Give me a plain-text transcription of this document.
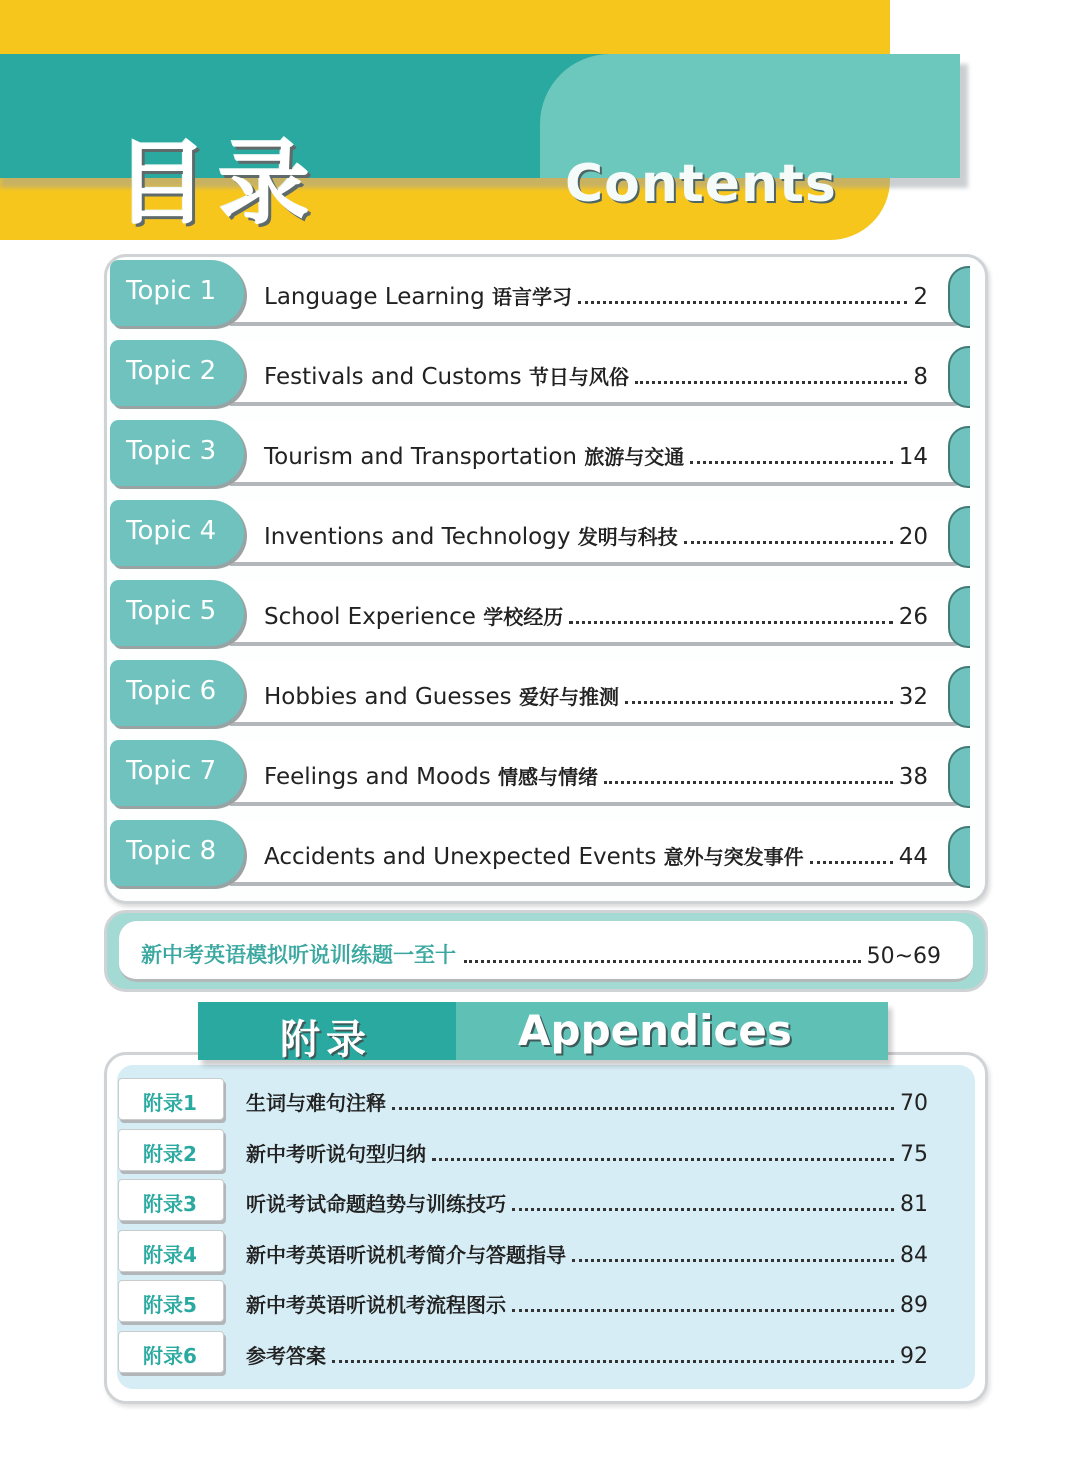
目录	Contents
Topic 1 Language Learning 语言学习	2
Topic 2 Festivals and Customs 节日与风俗	8
Topic 3 Tourism and Transportation 旅游与交通	14
Topic 4 Inventions and Technology 发明与科技	20
Topic 5 School Experience 学校经历	26
Topic 6 Hobbies and Guesses 爱好与推测	32
Topic 7 Feelings and Moods 情感与情绪	38
Topic 8 Accidents and Unexpected Events 意外与突发事件	44
新中考英语模拟听说训练题一至十	50~69
附录	Appendices
附录1 生词与难句注释	70
附录2 新中考听说句型归纳	75
附录3 听说考试命题趋势与训练技巧	81
附录4 新中考英语听说机考简介与答题指导	84
附录5 新中考英语听说机考流程图示	89
附录6 参考答案	92
